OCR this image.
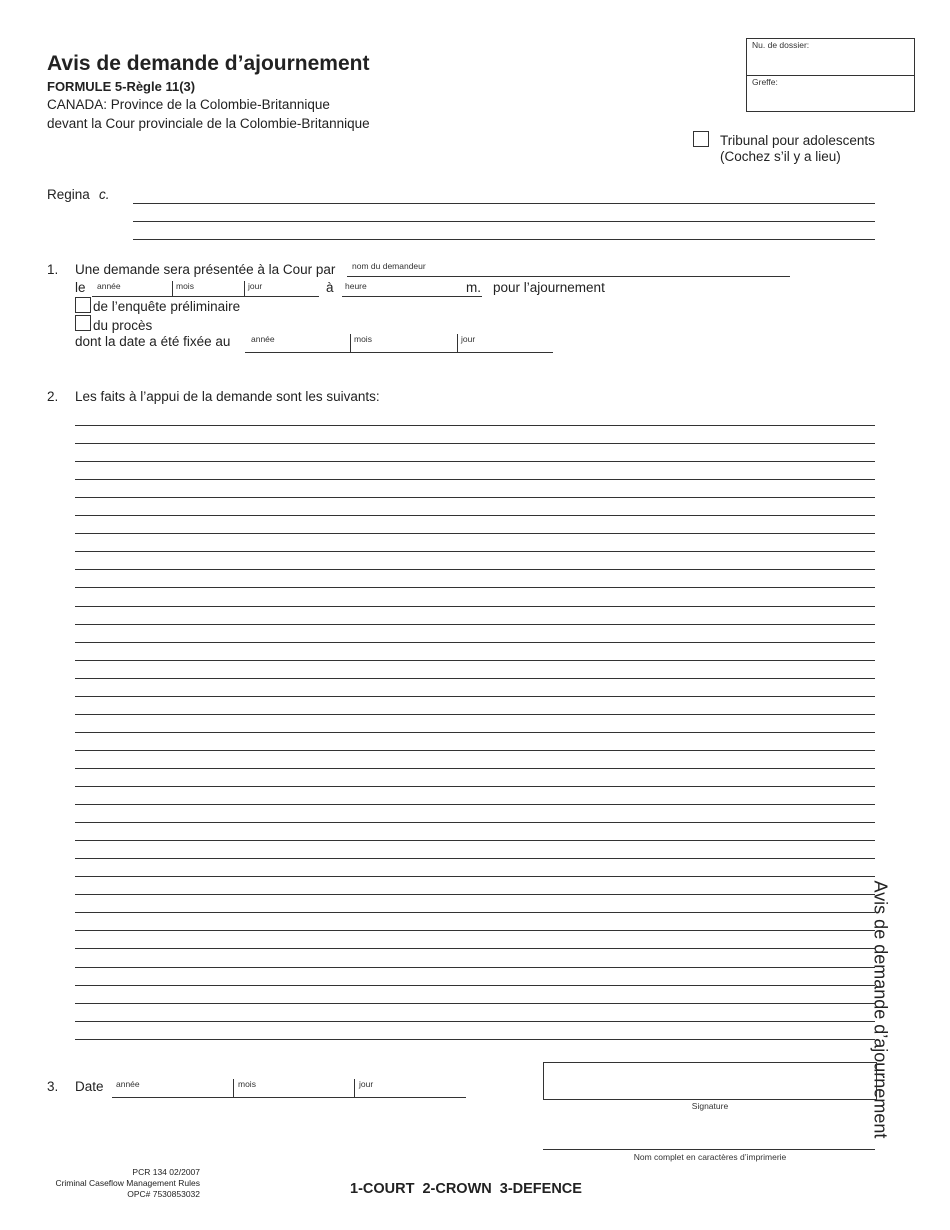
Avis de demande d’ajournement
FORMULE 5-Règle 11(3)
CANADA: Province de la Colombie-Britannique
devant la Cour provinciale de la Colombie-Britannique
Nu. de dossier:
Greffe:
Tribunal pour adolescents
(Cochez s’il y a lieu)
Regina c.
1. Une demande sera présentée à la Cour par nom du demandeur
le année	mois	jour	à heure	m. pour l’ajournement
de l’enquête préliminaire
du procès
dont la date a été fixée au année	mois	jour
2. Les faits à l’appui de la demande sont les suivants:
Avis de demande d’ajournement
3. Date année	mois	jour
Signature
Nom complet en caractères d’imprimerie
PCR 134 02/2007
Criminal Caseflow Management Rules
OPC# 7530853032	1-COURT 2-CROWN 3-DEFENCE
